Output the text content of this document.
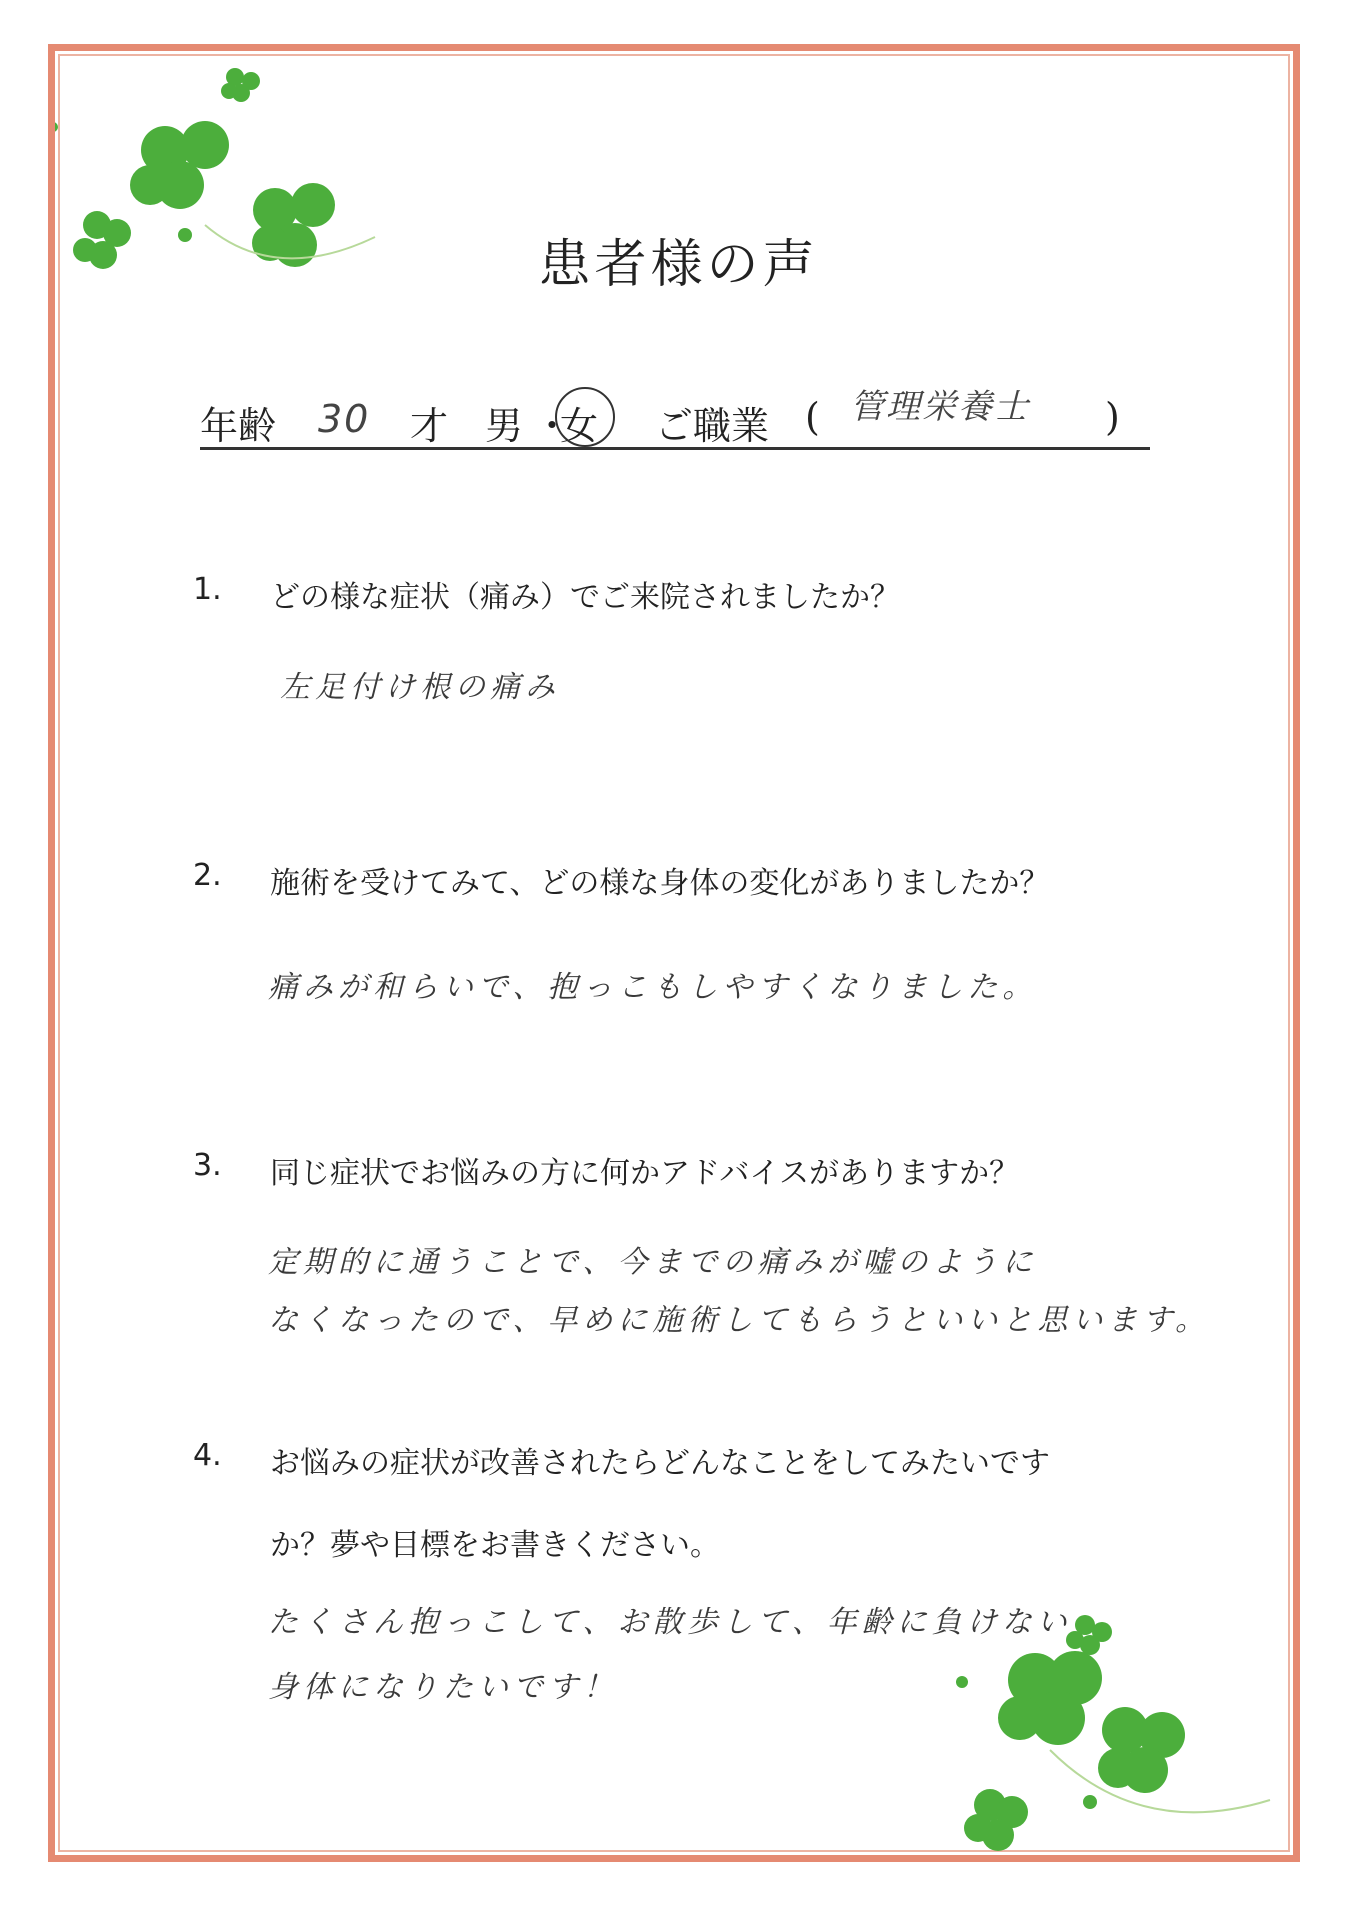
患者様の声
年齢 30 才 男 ・
女 ご職業 ( 管理栄養士 )
1. どの様な症状（痛み）でご来院されましたか？
左足付け根の痛み
2. 施術を受けてみて、どの様な身体の変化がありましたか？
痛みが和らいで、抱っこもしやすくなりました。
3. 同じ症状でお悩みの方に何かアドバイスがありますか？
定期的に通うことで、今までの痛みが嘘のように
なくなったので、早めに施術してもらうといいと思います。
4. お悩みの症状が改善されたらどんなことをしてみたいです
か？夢や目標をお書きください。
たくさん抱っこして、お散歩して、年齢に負けない
身体になりたいです！
